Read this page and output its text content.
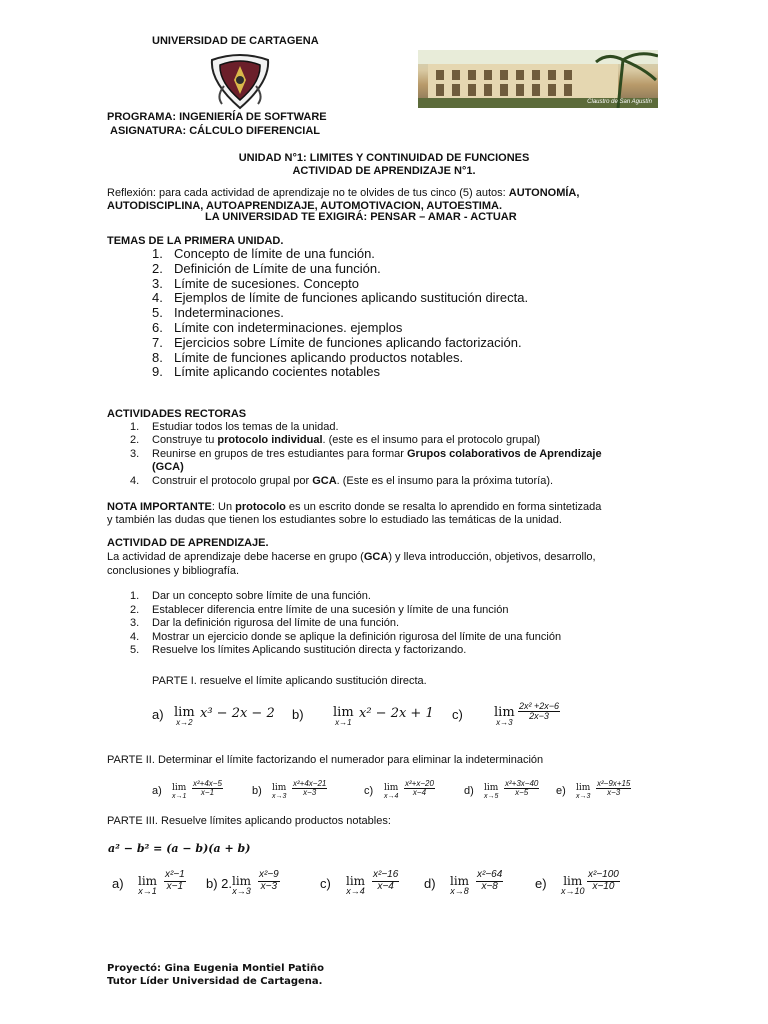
UNIVERSIDAD DE CARTAGENA
Claustro de San Agustín
PROGRAMA: INGENIERÍA DE SOFTWARE
ASIGNATURA: CÁLCULO DIFERENCIAL
UNIDAD N°1: LIMITES Y CONTINUIDAD DE FUNCIONES
ACTIVIDAD DE APRENDIZAJE N°1.
Reflexión: para cada actividad de aprendizaje no te olvides de tus cinco (5) autos: AUTONOMÍA,
AUTODISCIPLINA, AUTOAPRENDIZAJE, AUTOMOTIVACION, AUTOESTIMA.
LA UNIVERSIDAD TE EXIGIRÁ: PENSAR – AMAR - ACTUAR
TEMAS DE LA PRIMERA UNIDAD.
1. Concepto de límite de una función.
2. Definición de Límite de una función.
3. Límite de sucesiones. Concepto
4. Ejemplos de límite de funciones aplicando sustitución directa.
5. Indeterminaciones.
6. Límite con indeterminaciones. ejemplos
7. Ejercicios sobre Límite de funciones aplicando factorización.
8. Límite de funciones aplicando productos notables.
9. Límite aplicando cocientes notables
ACTIVIDADES RECTORAS
1.	Estudiar todos los temas de la unidad.
2.	Construye tu protocolo individual. (este es el insumo para el protocolo grupal)
3.	Reunirse en grupos de tres estudiantes para formar Grupos colaborativos de Aprendizaje
(GCA)
4.	Construir el protocolo grupal por GCA. (Este es el insumo para la próxima tutoría).
NOTA IMPORTANTE: Un protocolo es un escrito donde se resalta lo aprendido en forma sintetizada
y también las dudas que tienen los estudiantes sobre lo estudiado las temáticas de la unidad.
ACTIVIDAD DE APRENDIZAJE.
La actividad de aprendizaje debe hacerse en grupo (GCA) y lleva introducción, objetivos, desarrollo,
conclusiones y bibliografía.
1.	Dar un concepto sobre límite de una función.
2.	Establecer diferencia entre límite de una sucesión y límite de una función
3.	Dar la definición rigurosa del límite de una función.
4.	Mostrar un ejercicio donde se aplique la definición rigurosa del límite de una función
5.	Resuelve los límites Aplicando sustitución directa y factorizando.
PARTE I. resuelve el límite aplicando sustitución directa.
a) lim
x→2
x³ − 2x − 2 b) lim
x→1
x² − 2x + 1 c) lim
x→3
$\frac{\text{2x² +2x−6}}{2x-3}$
PARTE II. Determinar el límite factorizando el numerador para eliminar la indeterminación
a) lim
$x\to 1 \frac{\text{x²+4x−5}}{x-1}$	b) lim
$x\to 3 \frac{\text{x²+4x−21}}{x-3}$	c) lim
$x\to 4 \frac{\text{x²+x−20}}{x-4}$	d) lim
$x\to 5 \frac{\text{x²+3x−40}}{x-5} e$) lim
$x\to 3 \frac{\text{x²−9x+15}}{x-3}$
PARTE III. Resuelve límites aplicando productos notables:
a² − b² = (a − b)(a + b)
a) lim
$x\to 1 \frac{\text{x²−1}}{x-1} b$) 2. lim
$x\to 3 \frac{\text{x²−9}}{x-3}$	c) lim
$x\to 4 \frac{\text{x²−16}}{x-4} d$) lim
$x\to 8 \frac{\text{x²−64}}{x-8} e$) lim
$x\to 10 \frac{\text{x²−100}}{x-10}$
Proyectó: Gina Eugenia Montiel Patiño
Tutor Líder Universidad de Cartagena.
